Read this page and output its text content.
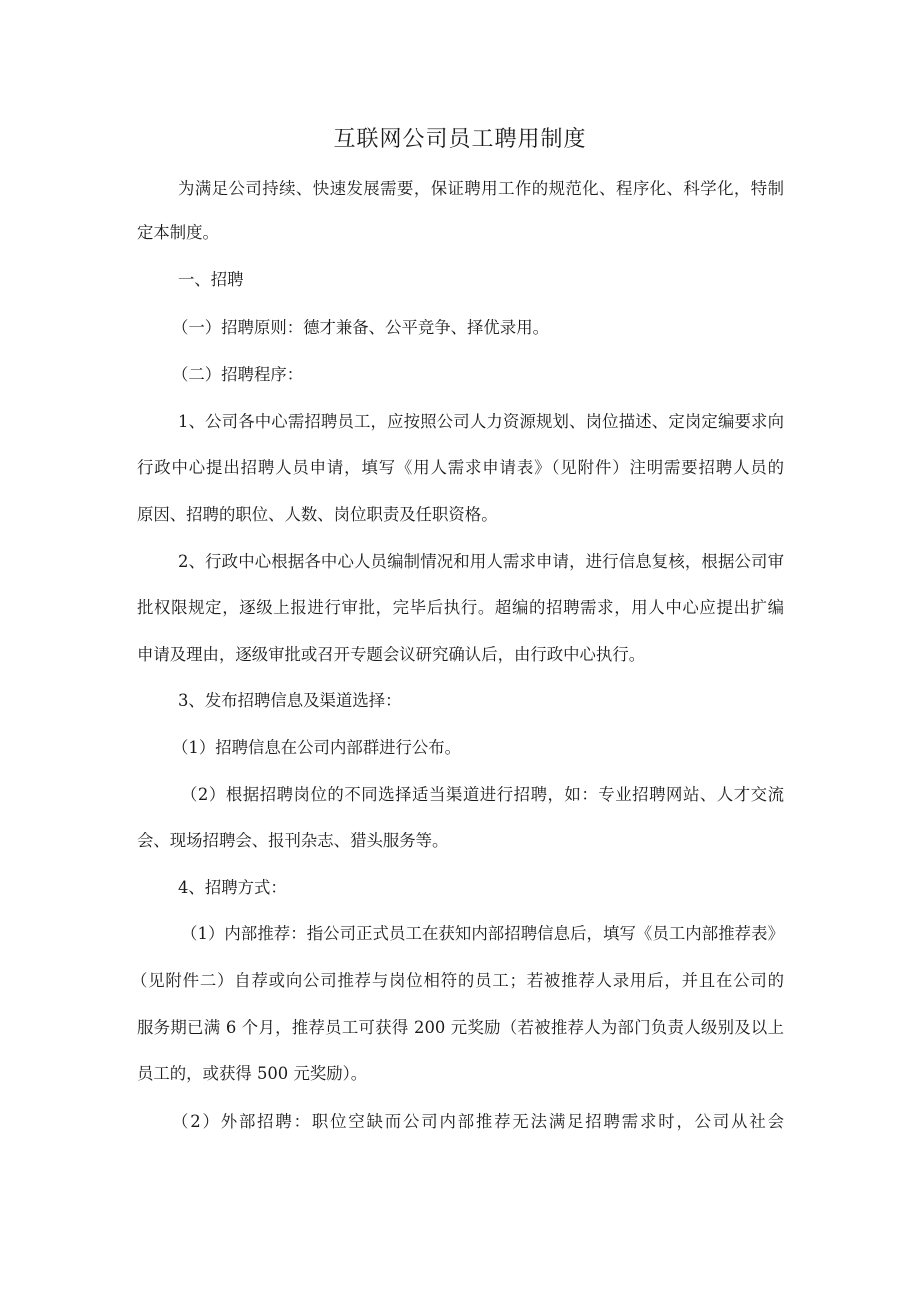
互联网公司员工聘用制度

为满足公司持续、快速发展需要，保证聘用工作的规范化、程序化、科学化，特制

定本制度。

一、招聘

（一）招聘原则：德才兼备、公平竞争、择优录用。

（二）招聘程序：

1、公司各中心需招聘员工，应按照公司人力资源规划、岗位描述、定岗定编要求向

行政中心提出招聘人员申请，填写《用人需求申请表》（见附件）注明需要招聘人员的

原因、招聘的职位、人数、岗位职责及任职资格。

2、行政中心根据各中心人员编制情况和用人需求申请，进行信息复核，根据公司审

批权限规定，逐级上报进行审批，完毕后执行。超编的招聘需求，用人中心应提出扩编

申请及理由，逐级审批或召开专题会议研究确认后，由行政中心执行。

3、发布招聘信息及渠道选择：

（1）招聘信息在公司内部群进行公布。

（2）根据招聘岗位的不同选择适当渠道进行招聘，如：专业招聘网站、人才交流

会、现场招聘会、报刊杂志、猎头服务等。

4、招聘方式：

（1）内部推荐：指公司正式员工在获知内部招聘信息后，填写《员工内部推荐表》

（见附件二）自荐或向公司推荐与岗位相符的员工；若被推荐人录用后，并且在公司的

服务期已满 6 个月，推荐员工可获得 200 元奖励（若被推荐人为部门负责人级别及以上

员工的，或获得 500 元奖励）。

（2）外部招聘：职位空缺而公司内部推荐无法满足招聘需求时，公司从社会
